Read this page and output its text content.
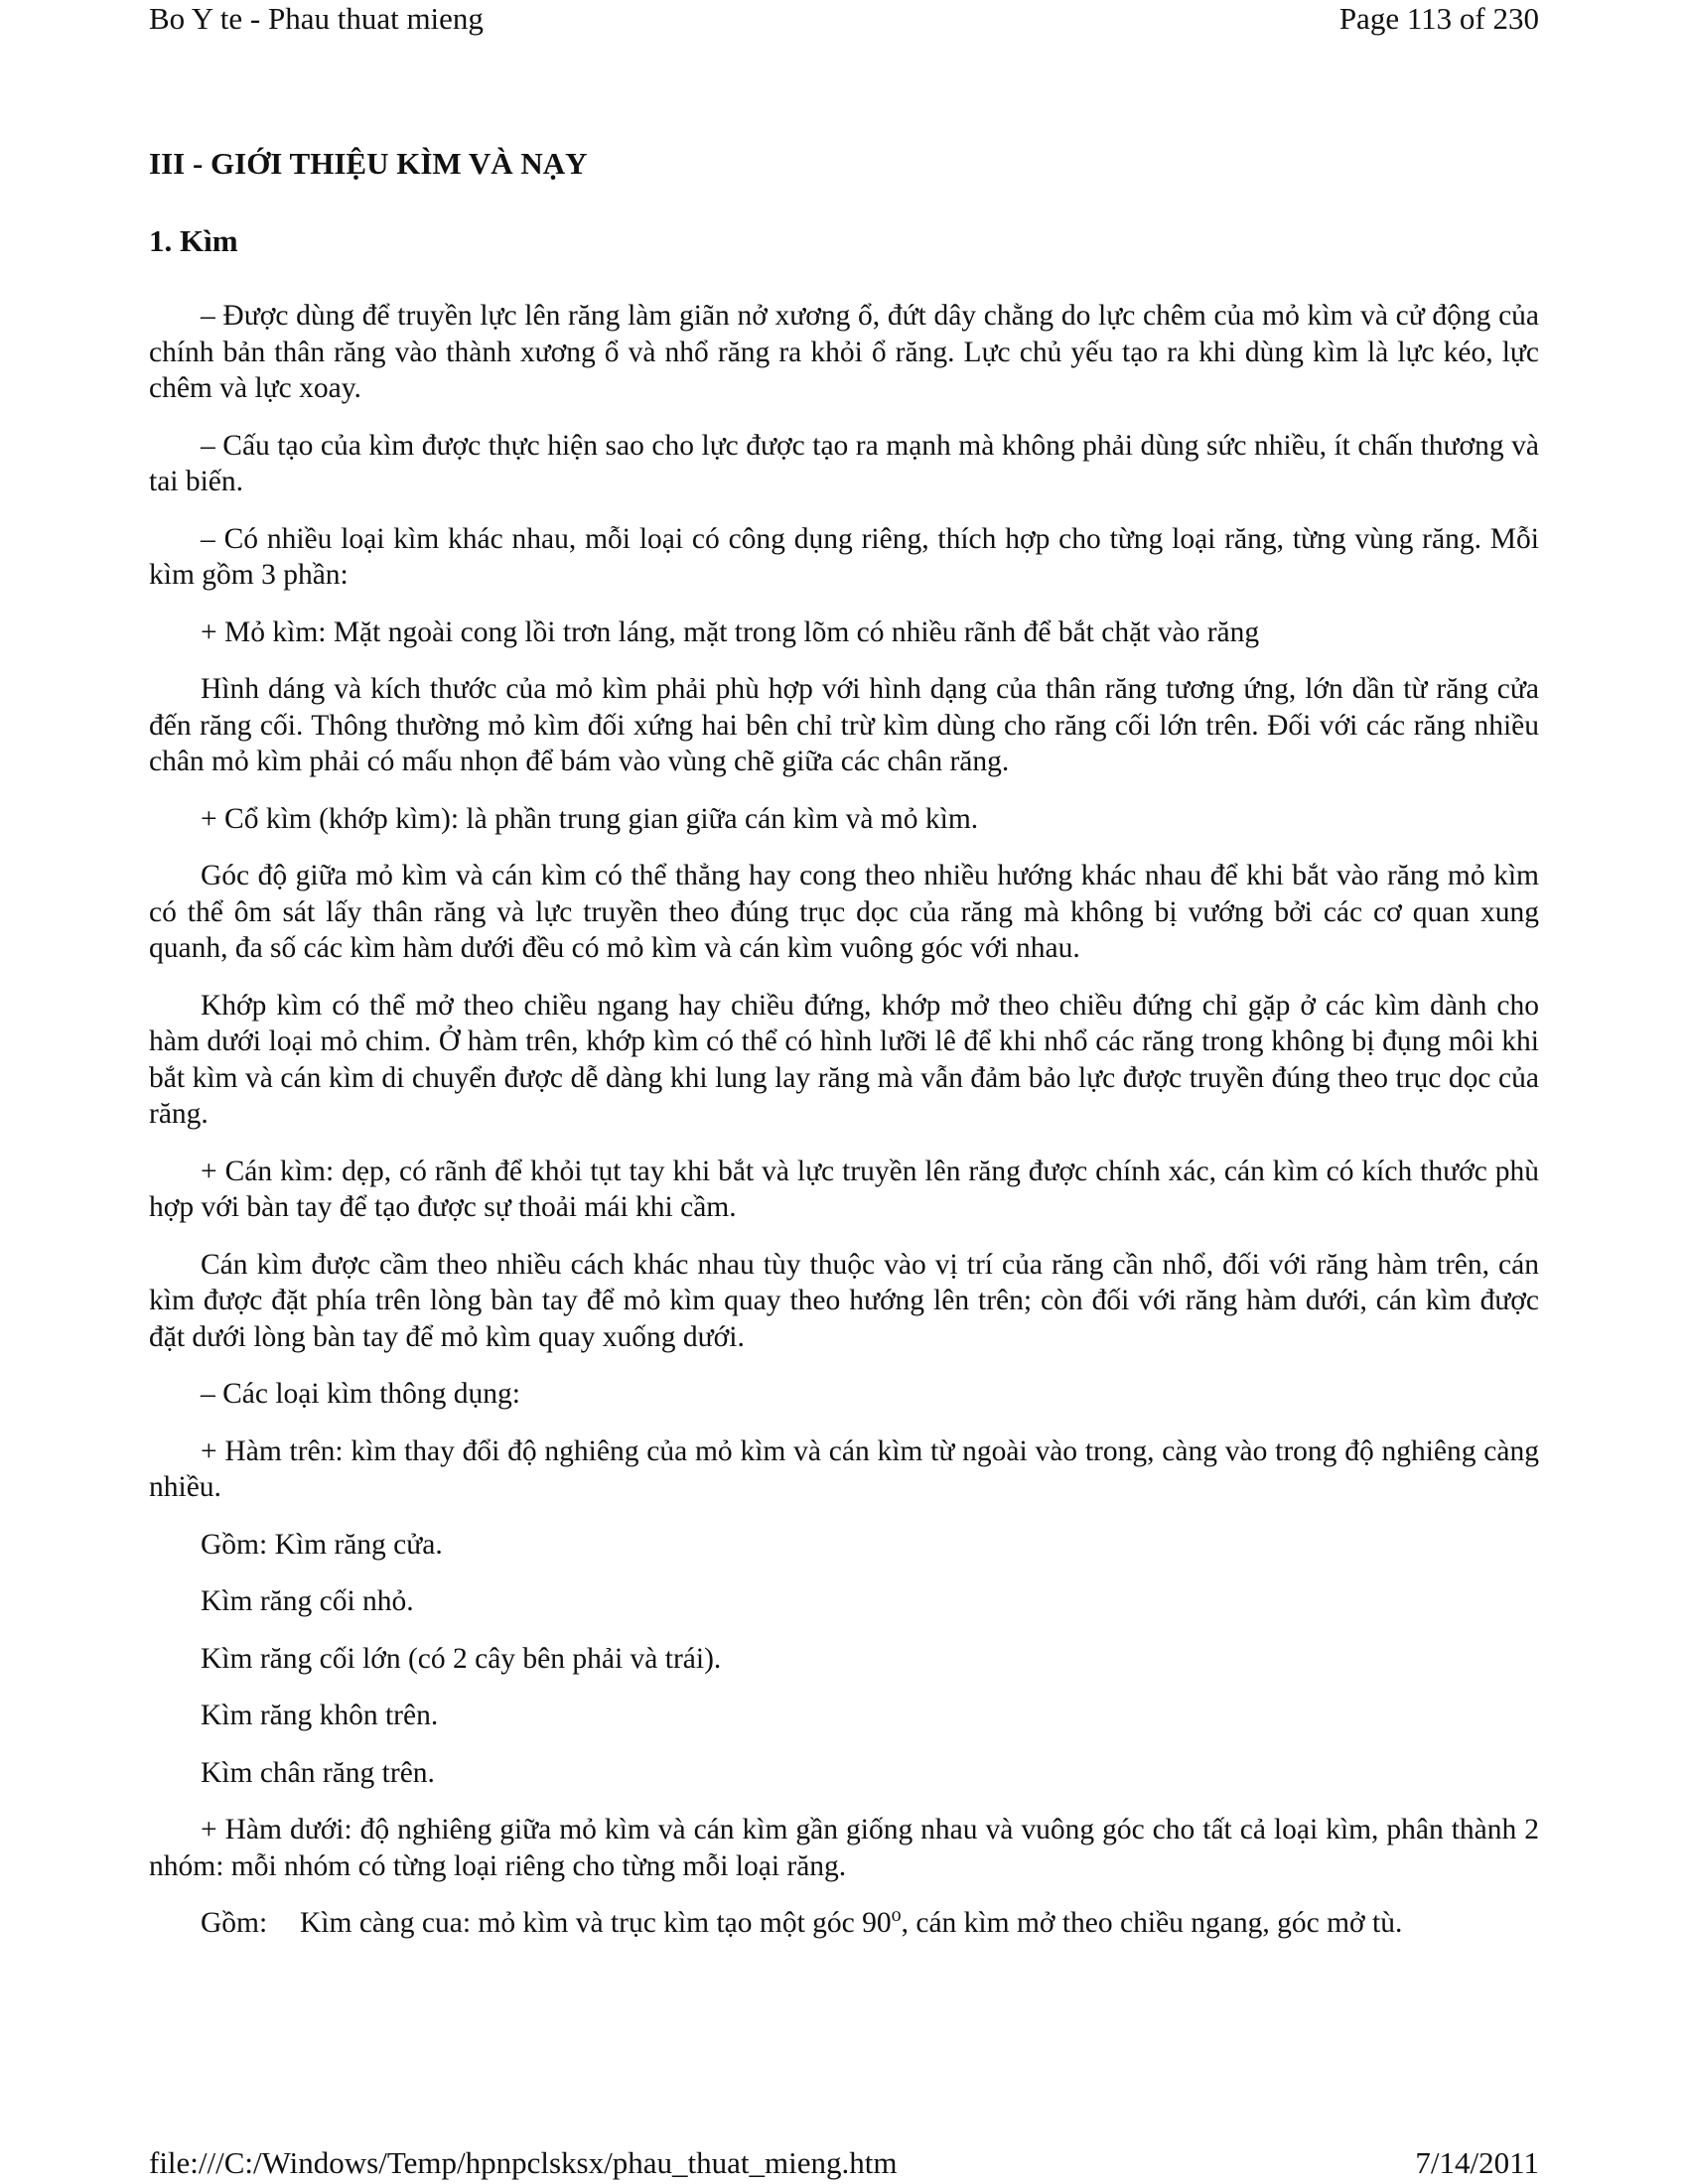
Bo Y te - Phau thuat mieng	Page 113 of 230
III - GIỚI THIỆU KÌM VÀ NẠY
1. Kìm

– Được dùng để truyền lực lên răng làm giãn nở xương ổ, đứt dây chằng do lực chêm của mỏ kìm và cử động của chính bản thân răng vào thành xương ổ và nhổ răng ra khỏi ổ răng. Lực chủ yếu tạo ra khi dùng kìm là lực kéo, lực chêm và lực xoay.

– Cấu tạo của kìm được thực hiện sao cho lực được tạo ra mạnh mà không phải dùng sức nhiều, ít chấn thương và tai biến.

– Có nhiều loại kìm khác nhau, mỗi loại có công dụng riêng, thích hợp cho từng loại răng, từng vùng răng. Mỗi kìm gồm 3 phần:

+ Mỏ kìm: Mặt ngoài cong lồi trơn láng, mặt trong lõm có nhiều rãnh để bắt chặt vào răng

Hình dáng và kích thước của mỏ kìm phải phù hợp với hình dạng của thân răng tương ứng, lớn dần từ răng cửa đến răng cối. Thông thường mỏ kìm đối xứng hai bên chỉ trừ kìm dùng cho răng cối lớn trên. Đối với các răng nhiều chân mỏ kìm phải có mấu nhọn để bám vào vùng chẽ giữa các chân răng.

+ Cổ kìm (khớp kìm): là phần trung gian giữa cán kìm và mỏ kìm.

Góc độ giữa mỏ kìm và cán kìm có thể thẳng hay cong theo nhiều hướng khác nhau để khi bắt vào răng mỏ kìm có thể ôm sát lấy thân răng và lực truyền theo đúng trục dọc của răng mà không bị vướng bởi các cơ quan xung quanh, đa số các kìm hàm dưới đều có mỏ kìm và cán kìm vuông góc với nhau.

Khớp kìm có thể mở theo chiều ngang hay chiều đứng, khớp mở theo chiều đứng chỉ gặp ở các kìm dành cho hàm dưới loại mỏ chim. Ở hàm trên, khớp kìm có thể có hình lưỡi lê để khi nhổ các răng trong không bị đụng môi khi bắt kìm và cán kìm di chuyển được dễ dàng khi lung lay răng mà vẫn đảm bảo lực được truyền đúng theo trục dọc của răng.

+ Cán kìm: dẹp, có rãnh để khỏi tụt tay khi bắt và lực truyền lên răng được chính xác, cán kìm có kích thước phù hợp với bàn tay để tạo được sự thoải mái khi cầm.

Cán kìm được cầm theo nhiều cách khác nhau tùy thuộc vào vị trí của răng cần nhổ, đối với răng hàm trên, cán kìm được đặt phía trên lòng bàn tay để mỏ kìm quay theo hướng lên trên; còn đối với răng hàm dưới, cán kìm được đặt dưới lòng bàn tay để mỏ kìm quay xuống dưới.

– Các loại kìm thông dụng:

+ Hàm trên: kìm thay đổi độ nghiêng của mỏ kìm và cán kìm từ ngoài vào trong, càng vào trong độ nghiêng càng nhiều.

Gồm: Kìm răng cửa.

Kìm răng cối nhỏ.

Kìm răng cối lớn (có 2 cây bên phải và trái).

Kìm răng khôn trên.

Kìm chân răng trên.

+ Hàm dưới: độ nghiêng giữa mỏ kìm và cán kìm gần giống nhau và vuông góc cho tất cả loại kìm, phân thành 2 nhóm: mỗi nhóm có từng loại riêng cho từng mỗi loại răng.

Gồm:	Kìm càng cua: mỏ kìm và trục kìm tạo một góc 90$^o$, cán kìm mở theo chiều ngang, góc mở tù.
file:///C:/Windows/Temp/hpnpclsksx/phau_thuat_mieng.htm	7/14/2011
